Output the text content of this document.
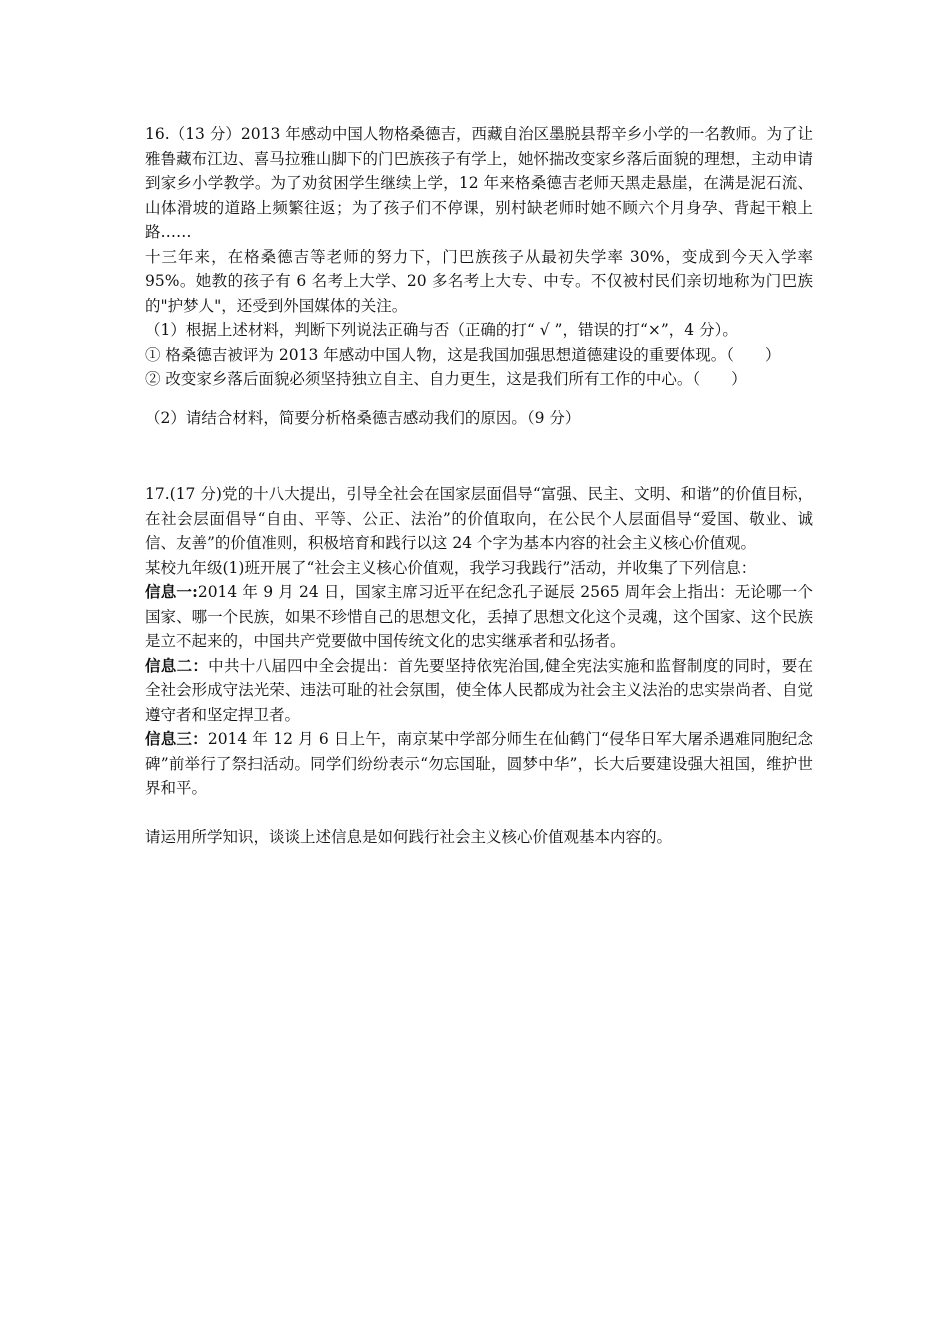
16.（13 分）2013 年感动中国人物格桑德吉，西藏自治区墨脱县帮辛乡小学的一名教师。为了让雅鲁藏布江边、喜马拉雅山脚下的门巴族孩子有学上，她怀揣改变家乡落后面貌的理想，主动申请到家乡小学教学。为了劝贫困学生继续上学，12 年来格桑德吉老师天黑走悬崖，在满是泥石流、山体滑坡的道路上频繁往返；为了孩子们不停课，别村缺老师时她不顾六个月身孕、背起干粮上路……

十三年来，在格桑德吉等老师的努力下，门巴族孩子从最初失学率 30%，变成到今天入学率 95%。她教的孩子有 6 名考上大学、20 多名考上大专、中专。不仅被村民们亲切地称为门巴族的"护梦人"，还受到外国媒体的关注。

（1）根据上述材料，判断下列说法正确与否（正确的打“ √ ”，错误的打“×”，4 分）。

① 格桑德吉被评为 2013 年感动中国人物，这是我国加强思想道德建设的重要体现。（　　）

② 改变家乡落后面貌必须坚持独立自主、自力更生，这是我们所有工作的中心。（　　）

（2）请结合材料，简要分析格桑德吉感动我们的原因。（9 分）

17.(17 分)党的十八大提出，引导全社会在国家层面倡导“富强、民主、文明、和谐”的价值目标，在社会层面倡导“自由、平等、公正、法治”的价值取向，在公民个人层面倡导“爱国、敬业、诚信、友善”的价值准则，积极培育和践行以这 24 个字为基本内容的社会主义核心价值观。

某校九年级(1)班开展了“社会主义核心价值观，我学习我践行”活动，并收集了下列信息：

信息一:2014 年 9 月 24 日，国家主席习近平在纪念孔子诞辰 2565 周年会上指出：无论哪一个国家、哪一个民族，如果不珍惜自己的思想文化，丢掉了思想文化这个灵魂，这个国家、这个民族是立不起来的，中国共产党要做中国传统文化的忠实继承者和弘扬者。

信息二：中共十八届四中全会提出：首先要坚持依宪治国,健全宪法实施和监督制度的同时，要在全社会形成守法光荣、违法可耻的社会氛围，使全体人民都成为社会主义法治的忠实崇尚者、自觉遵守者和坚定捍卫者。

信息三：2014 年 12 月 6 日上午，南京某中学部分师生在仙鹤门“侵华日军大屠杀遇难同胞纪念碑”前举行了祭扫活动。同学们纷纷表示“勿忘国耻，圆梦中华”，长大后要建设强大祖国，维护世界和平。

请运用所学知识，谈谈上述信息是如何践行社会主义核心价值观基本内容的。
